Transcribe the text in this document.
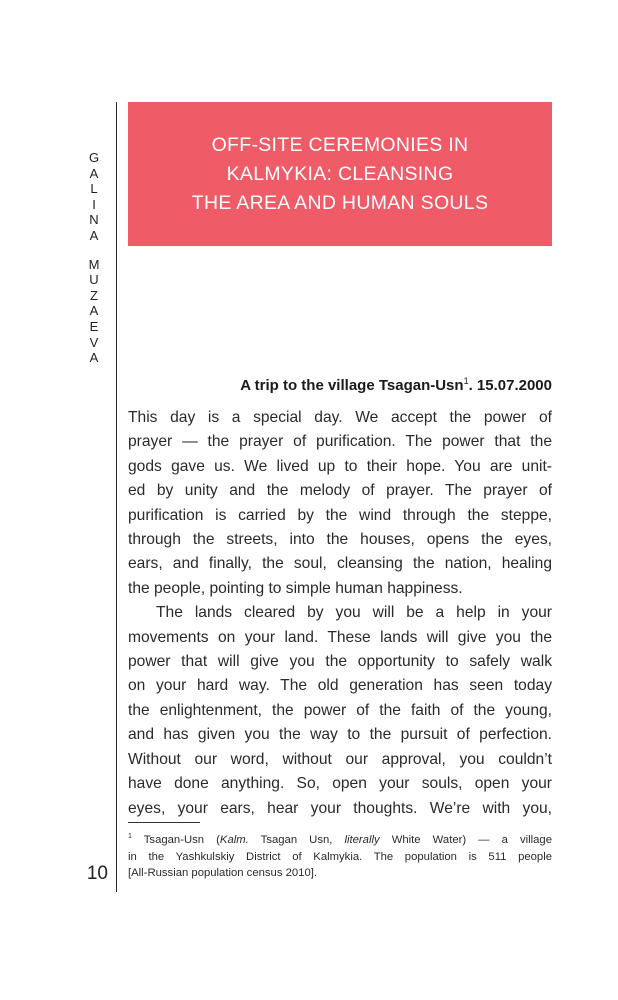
G
A
L
I
N
A
M
U
Z
A
E
V
A
OFF-SITE CEREMONIES IN
KALMYKIA: CLEANSING
THE AREA AND HUMAN SOULS
A trip to the village Tsagan-Usn$^1$. 15.07.2000
This day is a special day. We accept the power of
prayer — the prayer of purification. The power that the
gods gave us. We lived up to their hope. You are unit-
ed by unity and the melody of prayer. The prayer of
purification is carried by the wind through the steppe,
through the streets, into the houses, opens the eyes,
ears, and finally, the soul, cleansing the nation, healing
the people, pointing to simple human happiness.
The lands cleared by you will be a help in your
movements on your land. These lands will give you the
power that will give you the opportunity to safely walk
on your hard way. The old generation has seen today
the enlightenment, the power of the faith of the young,
and has given you the way to the pursuit of perfection.
Without our word, without our approval, you couldn’t
have done anything. So, open your souls, open your
eyes, your ears, hear your thoughts. We’re with you,
$^1$ Tsagan-Usn (Kalm. Tsagan Usn, literally White Water) — a village
in the Yashkulskiy District of Kalmykia. The population is 511 people
[All-Russian population census 2010].
10
